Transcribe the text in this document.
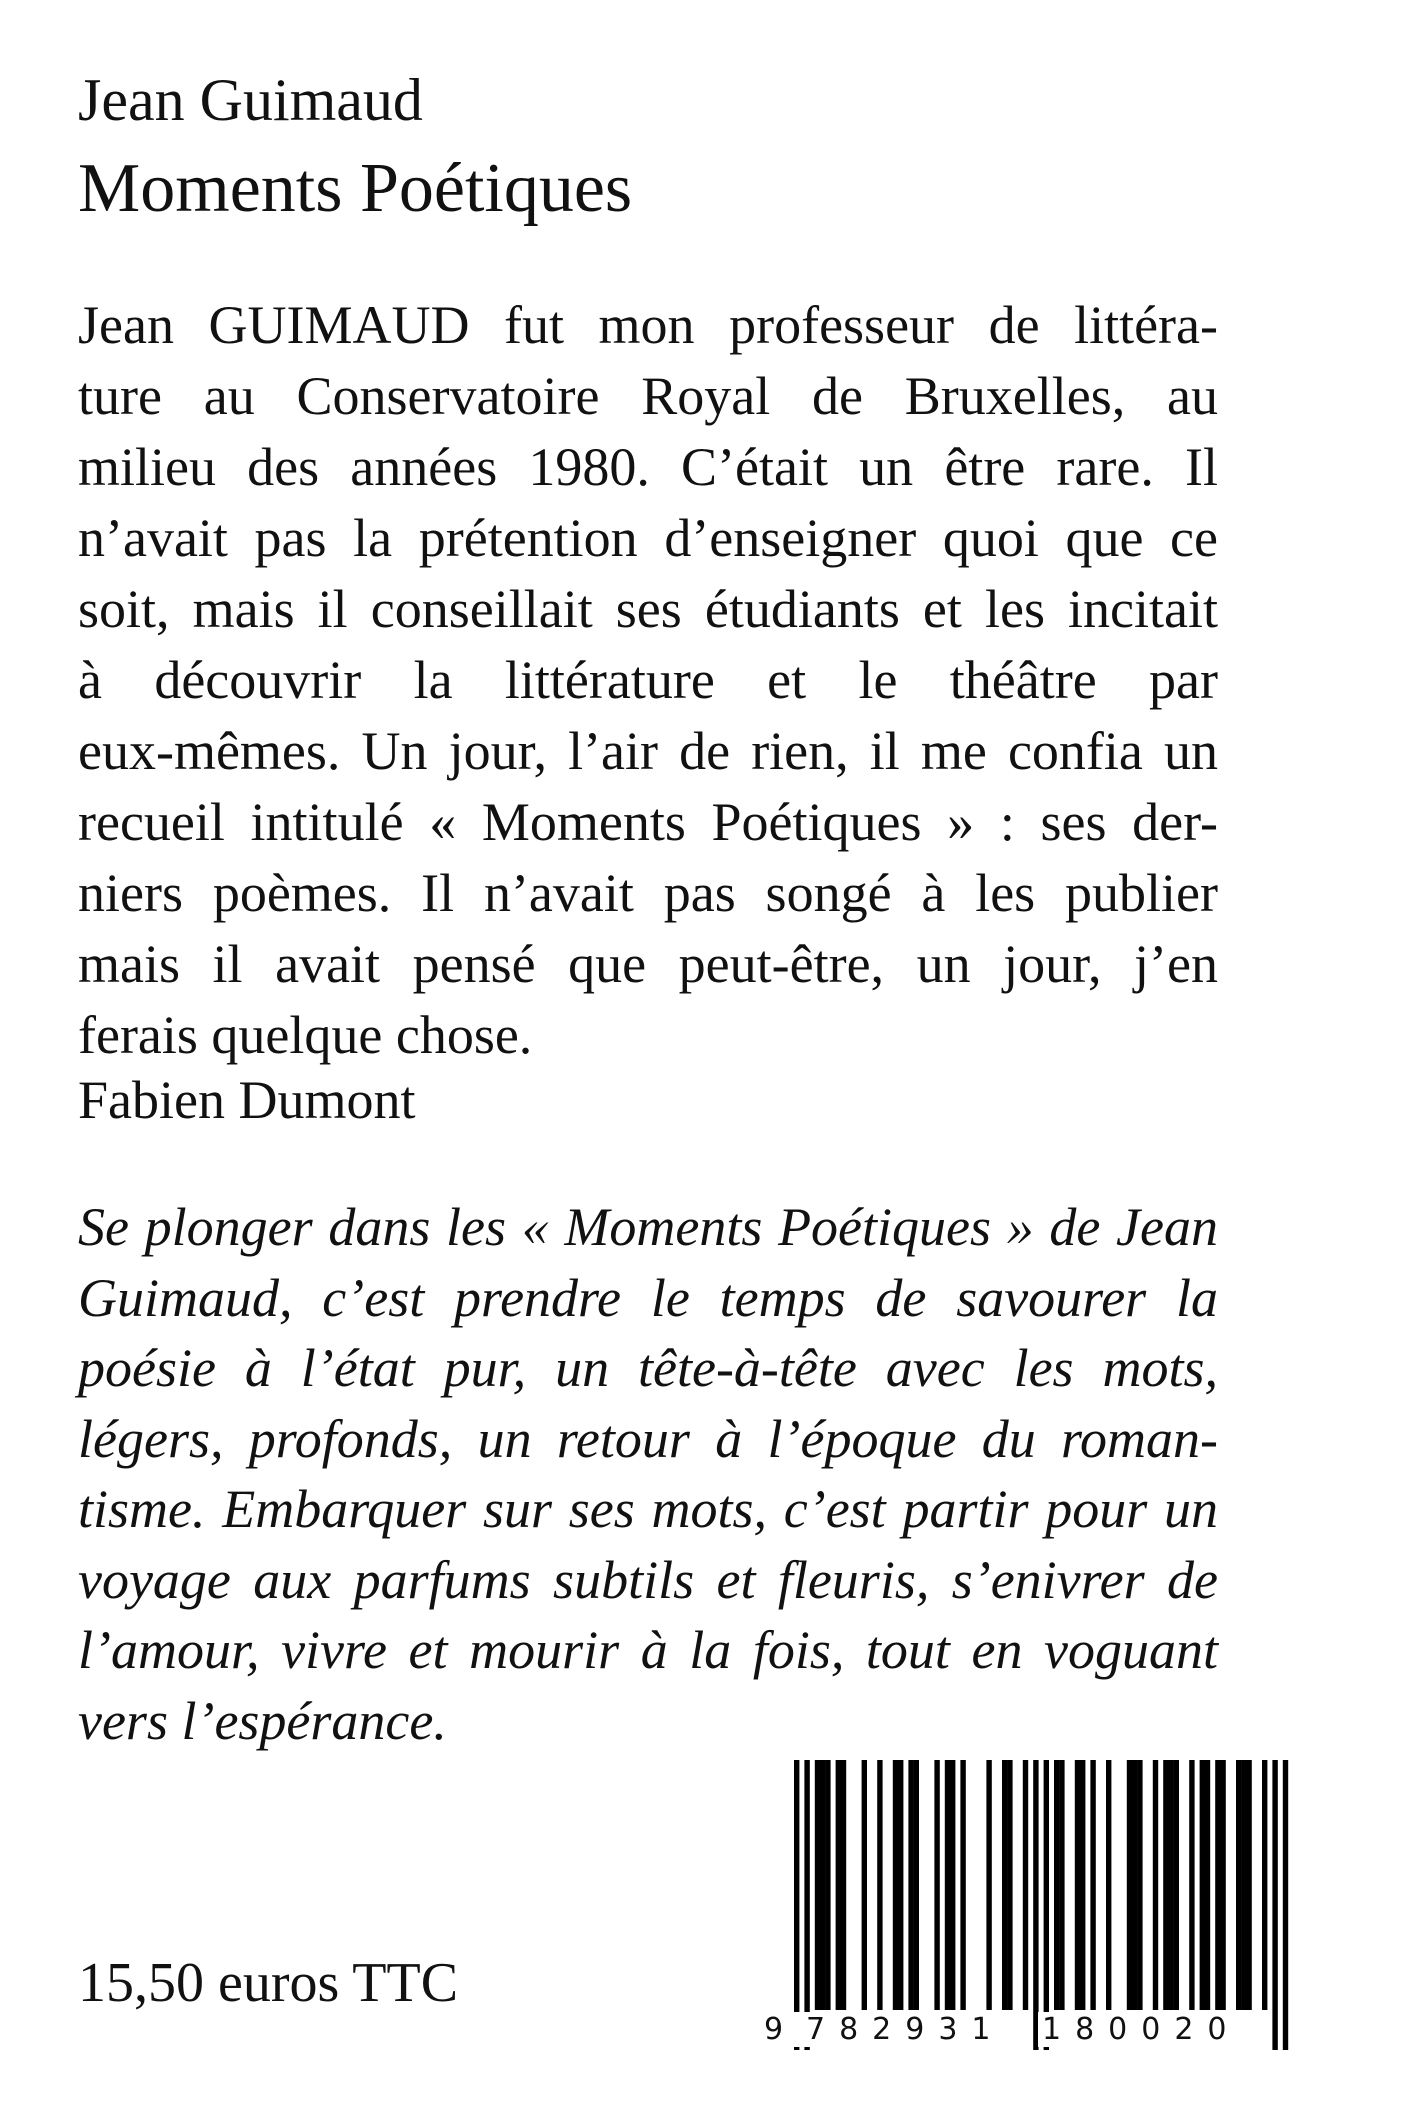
Jean Guimaud
Moments Poétiques
Jean GUIMAUD fut mon professeur de littéra-
ture au Conservatoire Royal de Bruxelles, au
milieu des années 1980. C’était un être rare. Il
n’avait pas la prétention d’enseigner quoi que ce
soit, mais il conseillait ses étudiants et les incitait
à découvrir la littérature et le théâtre par
eux-mêmes. Un jour, l’air de rien, il me confia un
recueil intitulé « Moments Poétiques » : ses der-
niers poèmes. Il n’avait pas songé à les publier
mais il avait pensé que peut-être, un jour, j’en
ferais quelque chose.

Fabien Dumont

Se plonger dans les « Moments Poétiques » de Jean
Guimaud, c’est prendre le temps de savourer la
poésie à l’état pur, un tête-à-tête avec les mots,
légers, profonds, un retour à l’époque du roman-
tisme. Embarquer sur ses mots, c’est partir pour un
voyage aux parfums subtils et fleuris, s’enivrer de
l’amour, vivre et mourir à la fois, tout en voguant
vers l’espérance.

15,50 euros TTC

9 782931 180020
